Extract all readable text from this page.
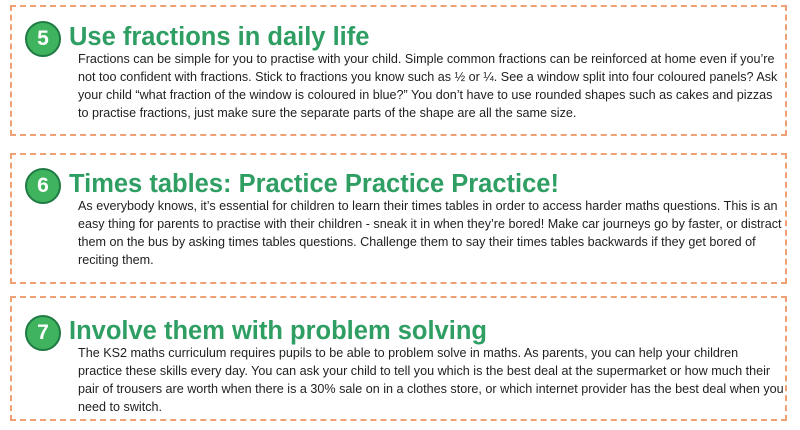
5 Use fractions in daily life

Fractions can be simple for you to practise with your child. Simple common fractions can be reinforced at home even if you’re not too confident with fractions. Stick to fractions you know such as ½ or ¼. See a window split into four coloured panels? Ask your child “what fraction of the window is coloured in blue?” You don’t have to use rounded shapes such as cakes and pizzas to practise fractions, just make sure the separate parts of the shape are all the same size.

6 Times tables: Practice Practice Practice!

As everybody knows, it’s essential for children to learn their times tables in order to access harder maths questions. This is an easy thing for parents to practise with their children - sneak it in when they’re bored! Make car journeys go by faster, or distract them on the bus by asking times tables questions. Challenge them to say their times tables backwards if they get bored of reciting them.

7 Involve them with problem solving

The KS2 maths curriculum requires pupils to be able to problem solve in maths. As parents, you can help your children practice these skills every day. You can ask your child to tell you which is the best deal at the supermarket or how much their pair of trousers are worth when there is a 30% sale on in a clothes store, or which internet provider has the best deal when you need to switch.
